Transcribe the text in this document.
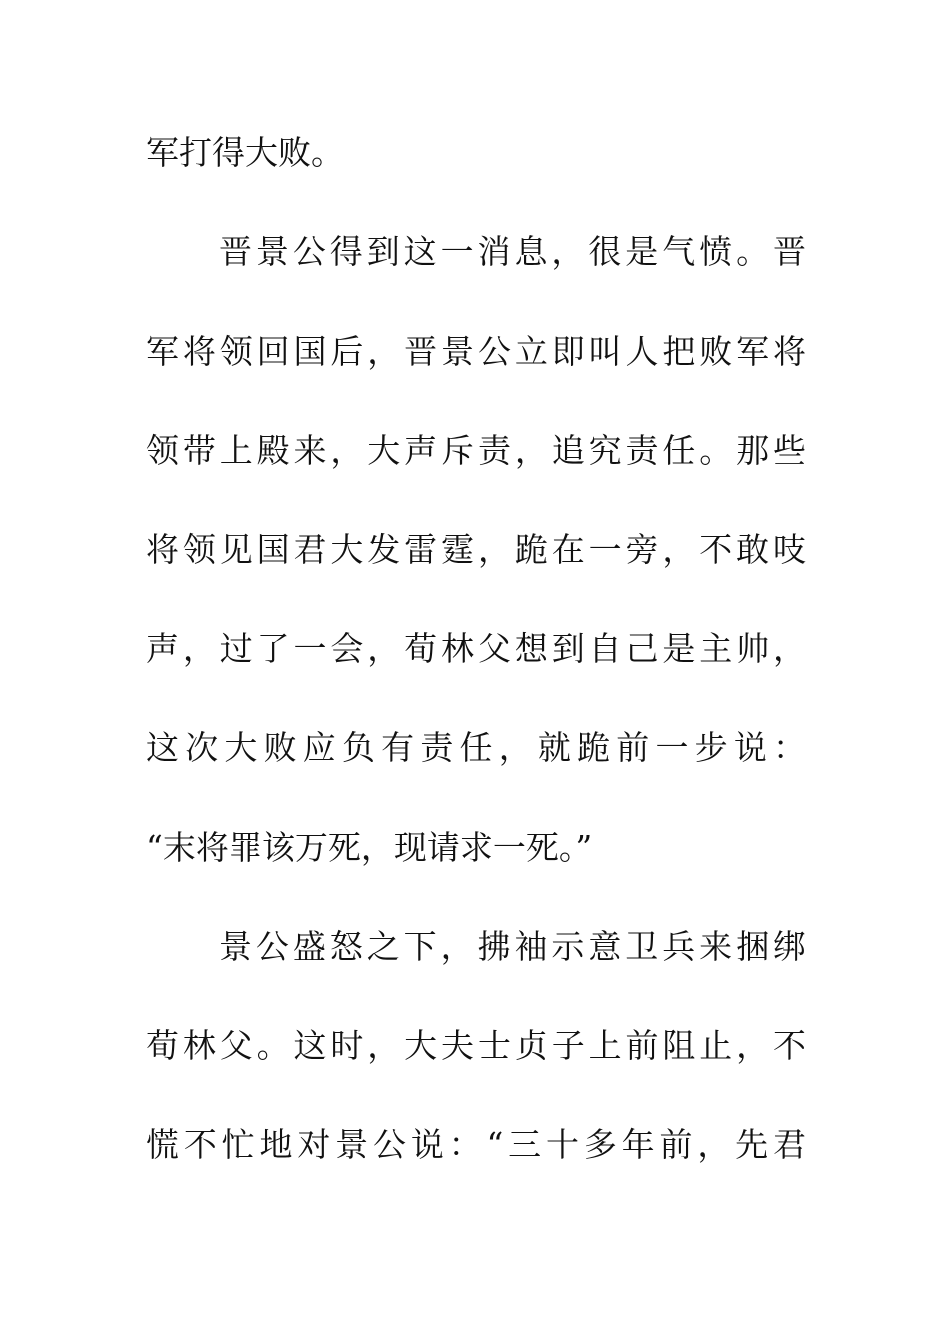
军打得大败。
晋景公得到这一消息，很是气愤。晋
军将领回国后，晋景公立即叫人把败军将
领带上殿来，大声斥责，追究责任。那些
将领见国君大发雷霆，跪在一旁，不敢吱
声，过了一会，荀林父想到自己是主帅，
这次大败应负有责任，就跪前一步说：
“末将罪该万死，现请求一死。”
景公盛怒之下，拂袖示意卫兵来捆绑
荀林父。这时，大夫士贞子上前阻止，不
慌不忙地对景公说：“三十多年前，先君
